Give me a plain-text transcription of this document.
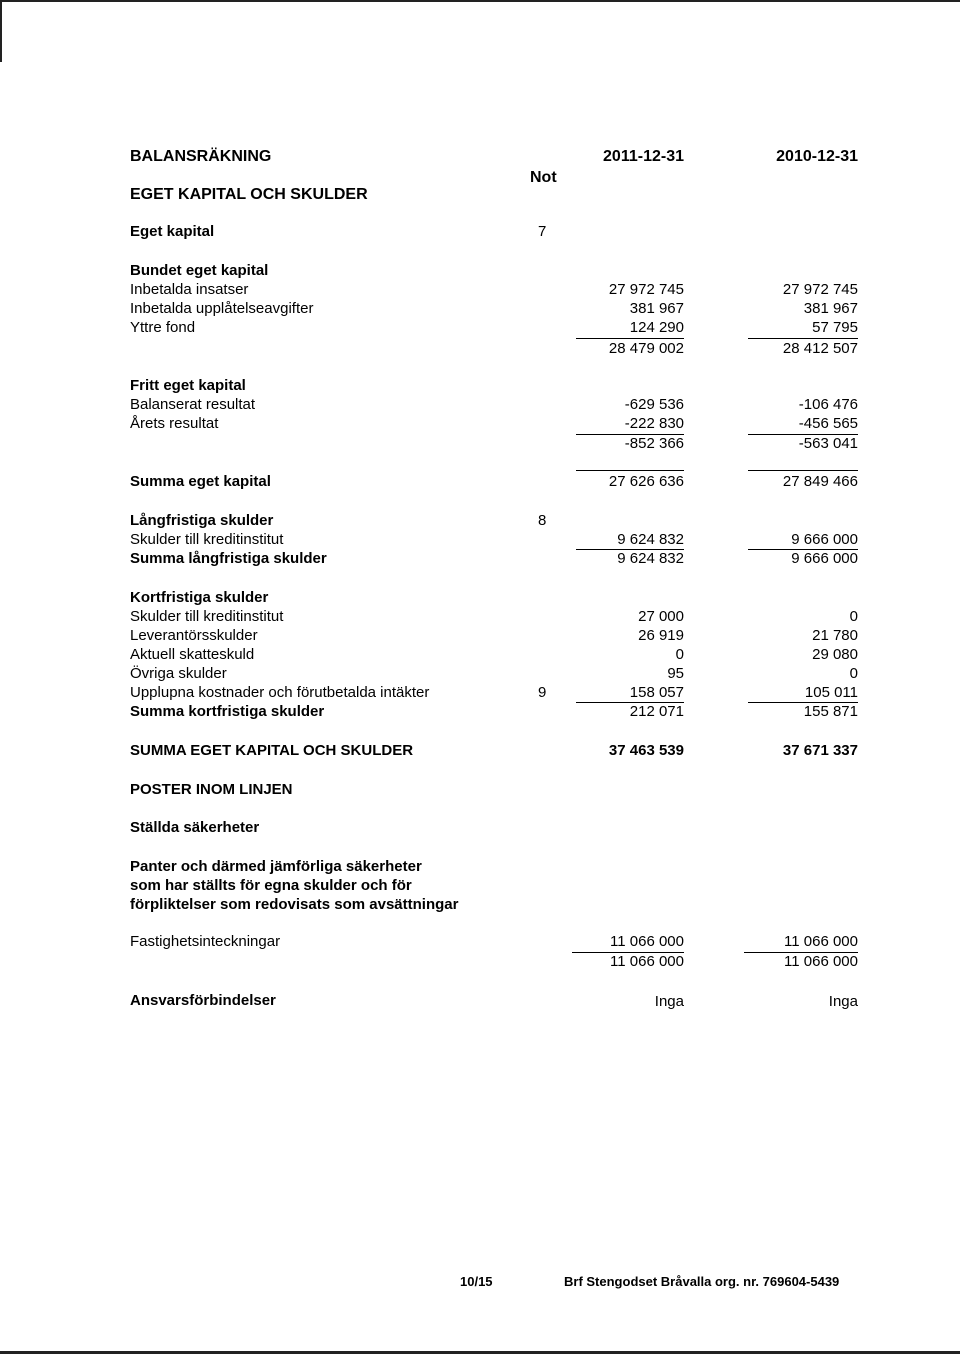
BALANSRÄKNING
Not
2011-12-31	2010-12-31
EGET KAPITAL OCH SKULDER
Eget kapital	7
Bundet eget kapital
Inbetalda insatser	27 972 745	27 972 745
Inbetalda upplåtelseavgifter	381 967	381 967
Yttre fond	124 290	57 795
28 479 002	28 412 507
Fritt eget kapital
Balanserat resultat	-629 536	-106 476
Årets resultat	-222 830	-456 565
-852 366	-563 041
Summa eget kapital	27 626 636	27 849 466
Långfristiga skulder	8
Skulder till kreditinstitut	9 624 832	9 666 000
Summa långfristiga skulder	9 624 832	9 666 000
Kortfristiga skulder
Skulder till kreditinstitut	27 000	0
Leverantörsskulder	26 919	21 780
Aktuell skatteskuld	0	29 080
Övriga skulder	95	0
Upplupna kostnader och förutbetalda intäkter	9	158 057	105 011
Summa kortfristiga skulder	212 071	155 871
SUMMA EGET KAPITAL OCH SKULDER	37 463 539	37 671 337
POSTER INOM LINJEN
Ställda säkerheter
Panter och därmed jämförliga säkerheter
som har ställts för egna skulder och för
förpliktelser som redovisats som avsättningar
Fastighetsinteckningar	11 066 000	11 066 000
11 066 000	11 066 000
Ansvarsförbindelser	Inga	Inga
10/15	Brf Stengodset Bråvalla org. nr. 769604-5439
